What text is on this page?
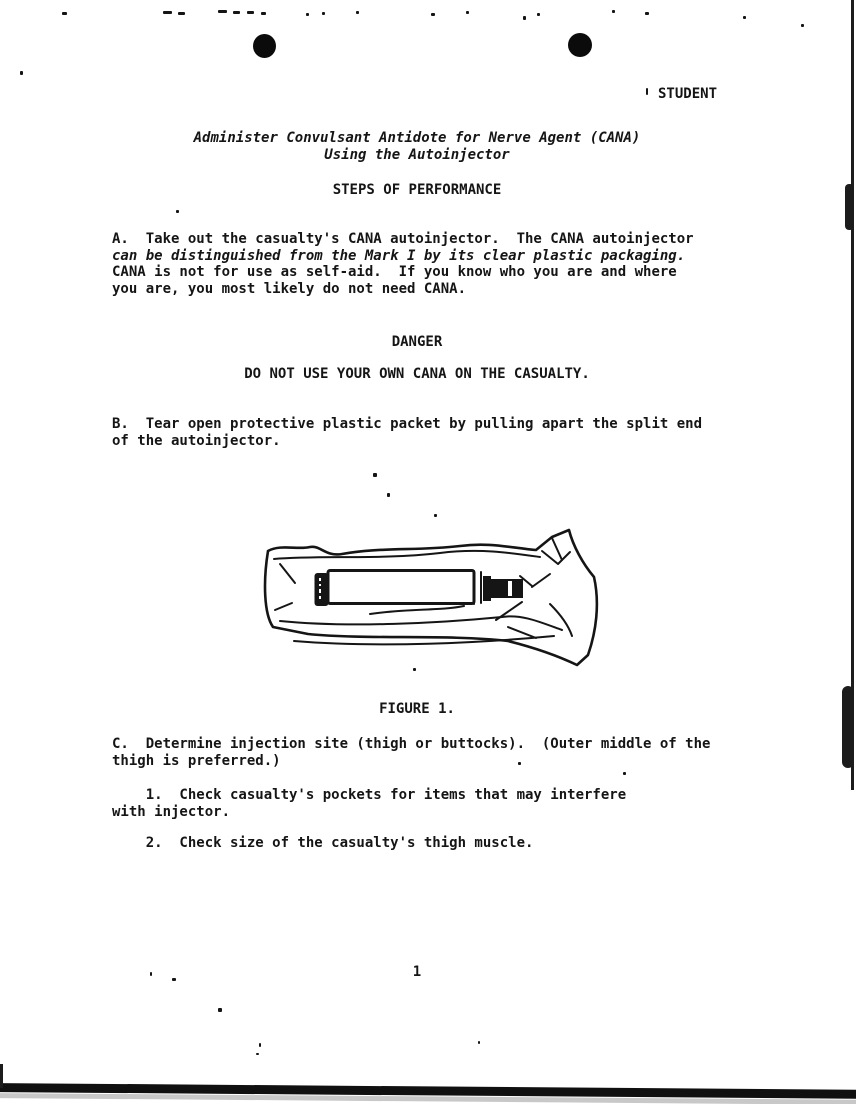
STUDENT
Administer Convulsant Antidote for Nerve Agent (CANA)
Using the Autoinjector
STEPS OF PERFORMANCE
A.  Take out the casualty's CANA autoinjector.  The CANA autoinjector
can be distinguished from the Mark I by its clear plastic packaging.
CANA is not for use as self-aid.  If you know who you are and where
you are, you most likely do not need CANA.
DANGER
DO NOT USE YOUR OWN CANA ON THE CASUALTY.
B.  Tear open protective plastic packet by pulling apart the split end
of the autoinjector.
FIGURE 1.
C.  Determine injection site (thigh or buttocks).  (Outer middle of the
thigh is preferred.)
1.  Check casualty's pockets for items that may interfere
with injector.
2.  Check size of the casualty's thigh muscle.
1
